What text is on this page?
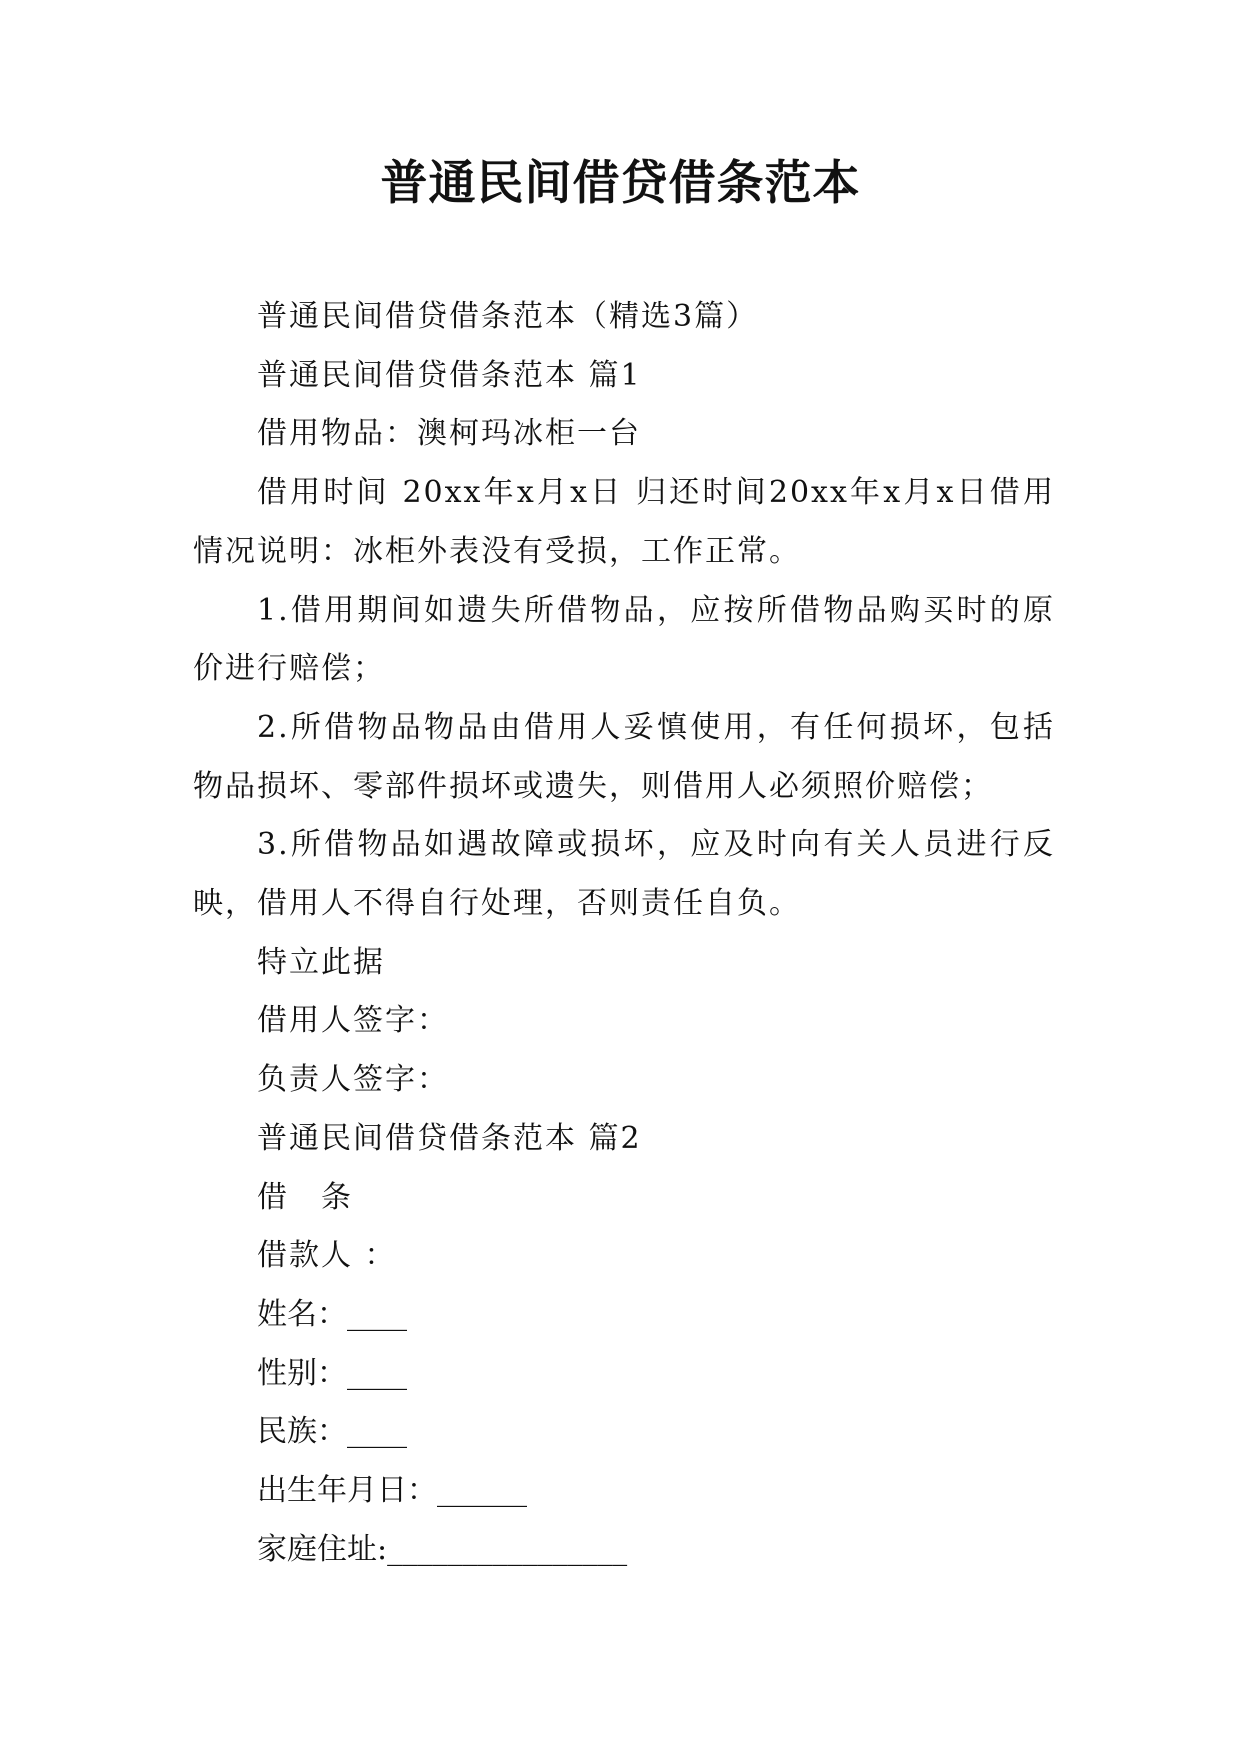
普通民间借贷借条范本

普通民间借贷借条范本（精选3篇）

普通民间借贷借条范本 篇1

借用物品：澳柯玛冰柜一台

借用时间 20xx年x月x日 归还时间20xx年x月x日借用情况说明：冰柜外表没有受损，工作正常。

1.借用期间如遗失所借物品，应按所借物品购买时的原价进行赔偿；

2.所借物品物品由借用人妥慎使用，有任何损坏，包括物品损坏、零部件损坏或遗失，则借用人必须照价赔偿；

3.所借物品如遇故障或损坏，应及时向有关人员进行反映，借用人不得自行处理，否则责任自负。

特立此据

借用人签字：

负责人签字：

普通民间借贷借条范本 篇2

借　条

借款人 ：

姓名：____

性别：____

民族：____

出生年月日：______

家庭住址:________________
